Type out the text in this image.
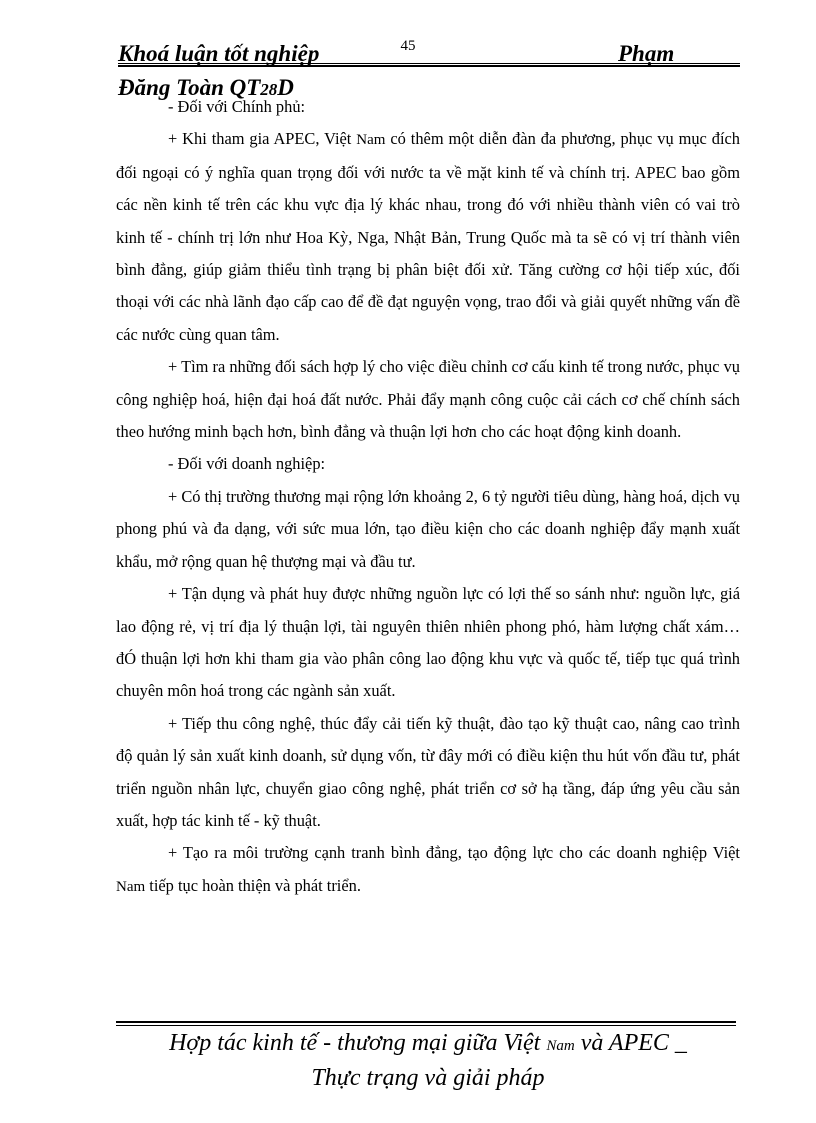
Khoá luận tốt nghiệp	Phạm
Đăng Toàn QT28D
45

- Đối với Chính phủ:

+ Khi tham gia APEC, Việt Nam có thêm một diễn đàn đa phương, phục vụ mục đích đối ngoại có ý nghĩa quan trọng đối với nước ta về mặt kinh tế và chính trị. APEC bao gồm các nền kinh tế trên các khu vực địa lý khác nhau, trong đó với nhiều thành viên có vai trò kinh tế - chính trị lớn như Hoa Kỳ, Nga, Nhật Bản, Trung Quốc mà ta sẽ có vị trí thành viên bình đẳng, giúp giảm thiểu tình trạng bị phân biệt đối xử. Tăng cường cơ hội tiếp xúc, đối thoại với các nhà lãnh đạo cấp cao để đề đạt nguyện vọng, trao đổi và giải quyết những vấn đề các nước cùng quan tâm.

+ Tìm ra những đối sách hợp lý cho việc điều chỉnh cơ cấu kinh tế trong nước, phục vụ công nghiệp hoá, hiện đại hoá đất nước. Phải đẩy mạnh công cuộc cải cách cơ chế chính sách theo hướng minh bạch hơn, bình đẳng và thuận lợi hơn cho các hoạt động kinh doanh.

- Đối với doanh nghiệp:

+ Có thị trường thương mại rộng lớn khoảng 2, 6 tỷ người tiêu dùng, hàng hoá, dịch vụ phong phú và đa dạng, với sức mua lớn, tạo điều kiện cho các doanh nghiệp đẩy mạnh xuất khẩu, mở rộng quan hệ thượng mại và đầu tư.

+ Tận dụng và phát huy được những nguồn lực có lợi thế so sánh như: nguồn lực, giá lao động rẻ, vị trí địa lý thuận lợi, tài nguyên thiên nhiên phong phó, hàm lượng chất xám… đÓ thuận lợi hơn khi tham gia vào phân công lao động khu vực và quốc tế, tiếp tục quá trình chuyên môn hoá trong các ngành sản xuất.

+ Tiếp thu công nghệ, thúc đẩy cải tiến kỹ thuật, đào tạo kỹ thuật cao, nâng cao trình độ quản lý sản xuất kinh doanh, sử dụng vốn, từ đây mới có điều kiện thu hút vốn đầu tư, phát triển nguồn nhân lực, chuyển giao công nghệ, phát triển cơ sở hạ tầng, đáp ứng yêu cầu sản xuất, hợp tác kinh tế - kỹ thuật.

+ Tạo ra môi trường cạnh tranh bình đẳng, tạo động lực cho các doanh nghiệp Việt Nam tiếp tục hoàn thiện và phát triển.

Hợp tác kinh tế - thương mại giữa Việt Nam và APEC _
Thực trạng và giải pháp
